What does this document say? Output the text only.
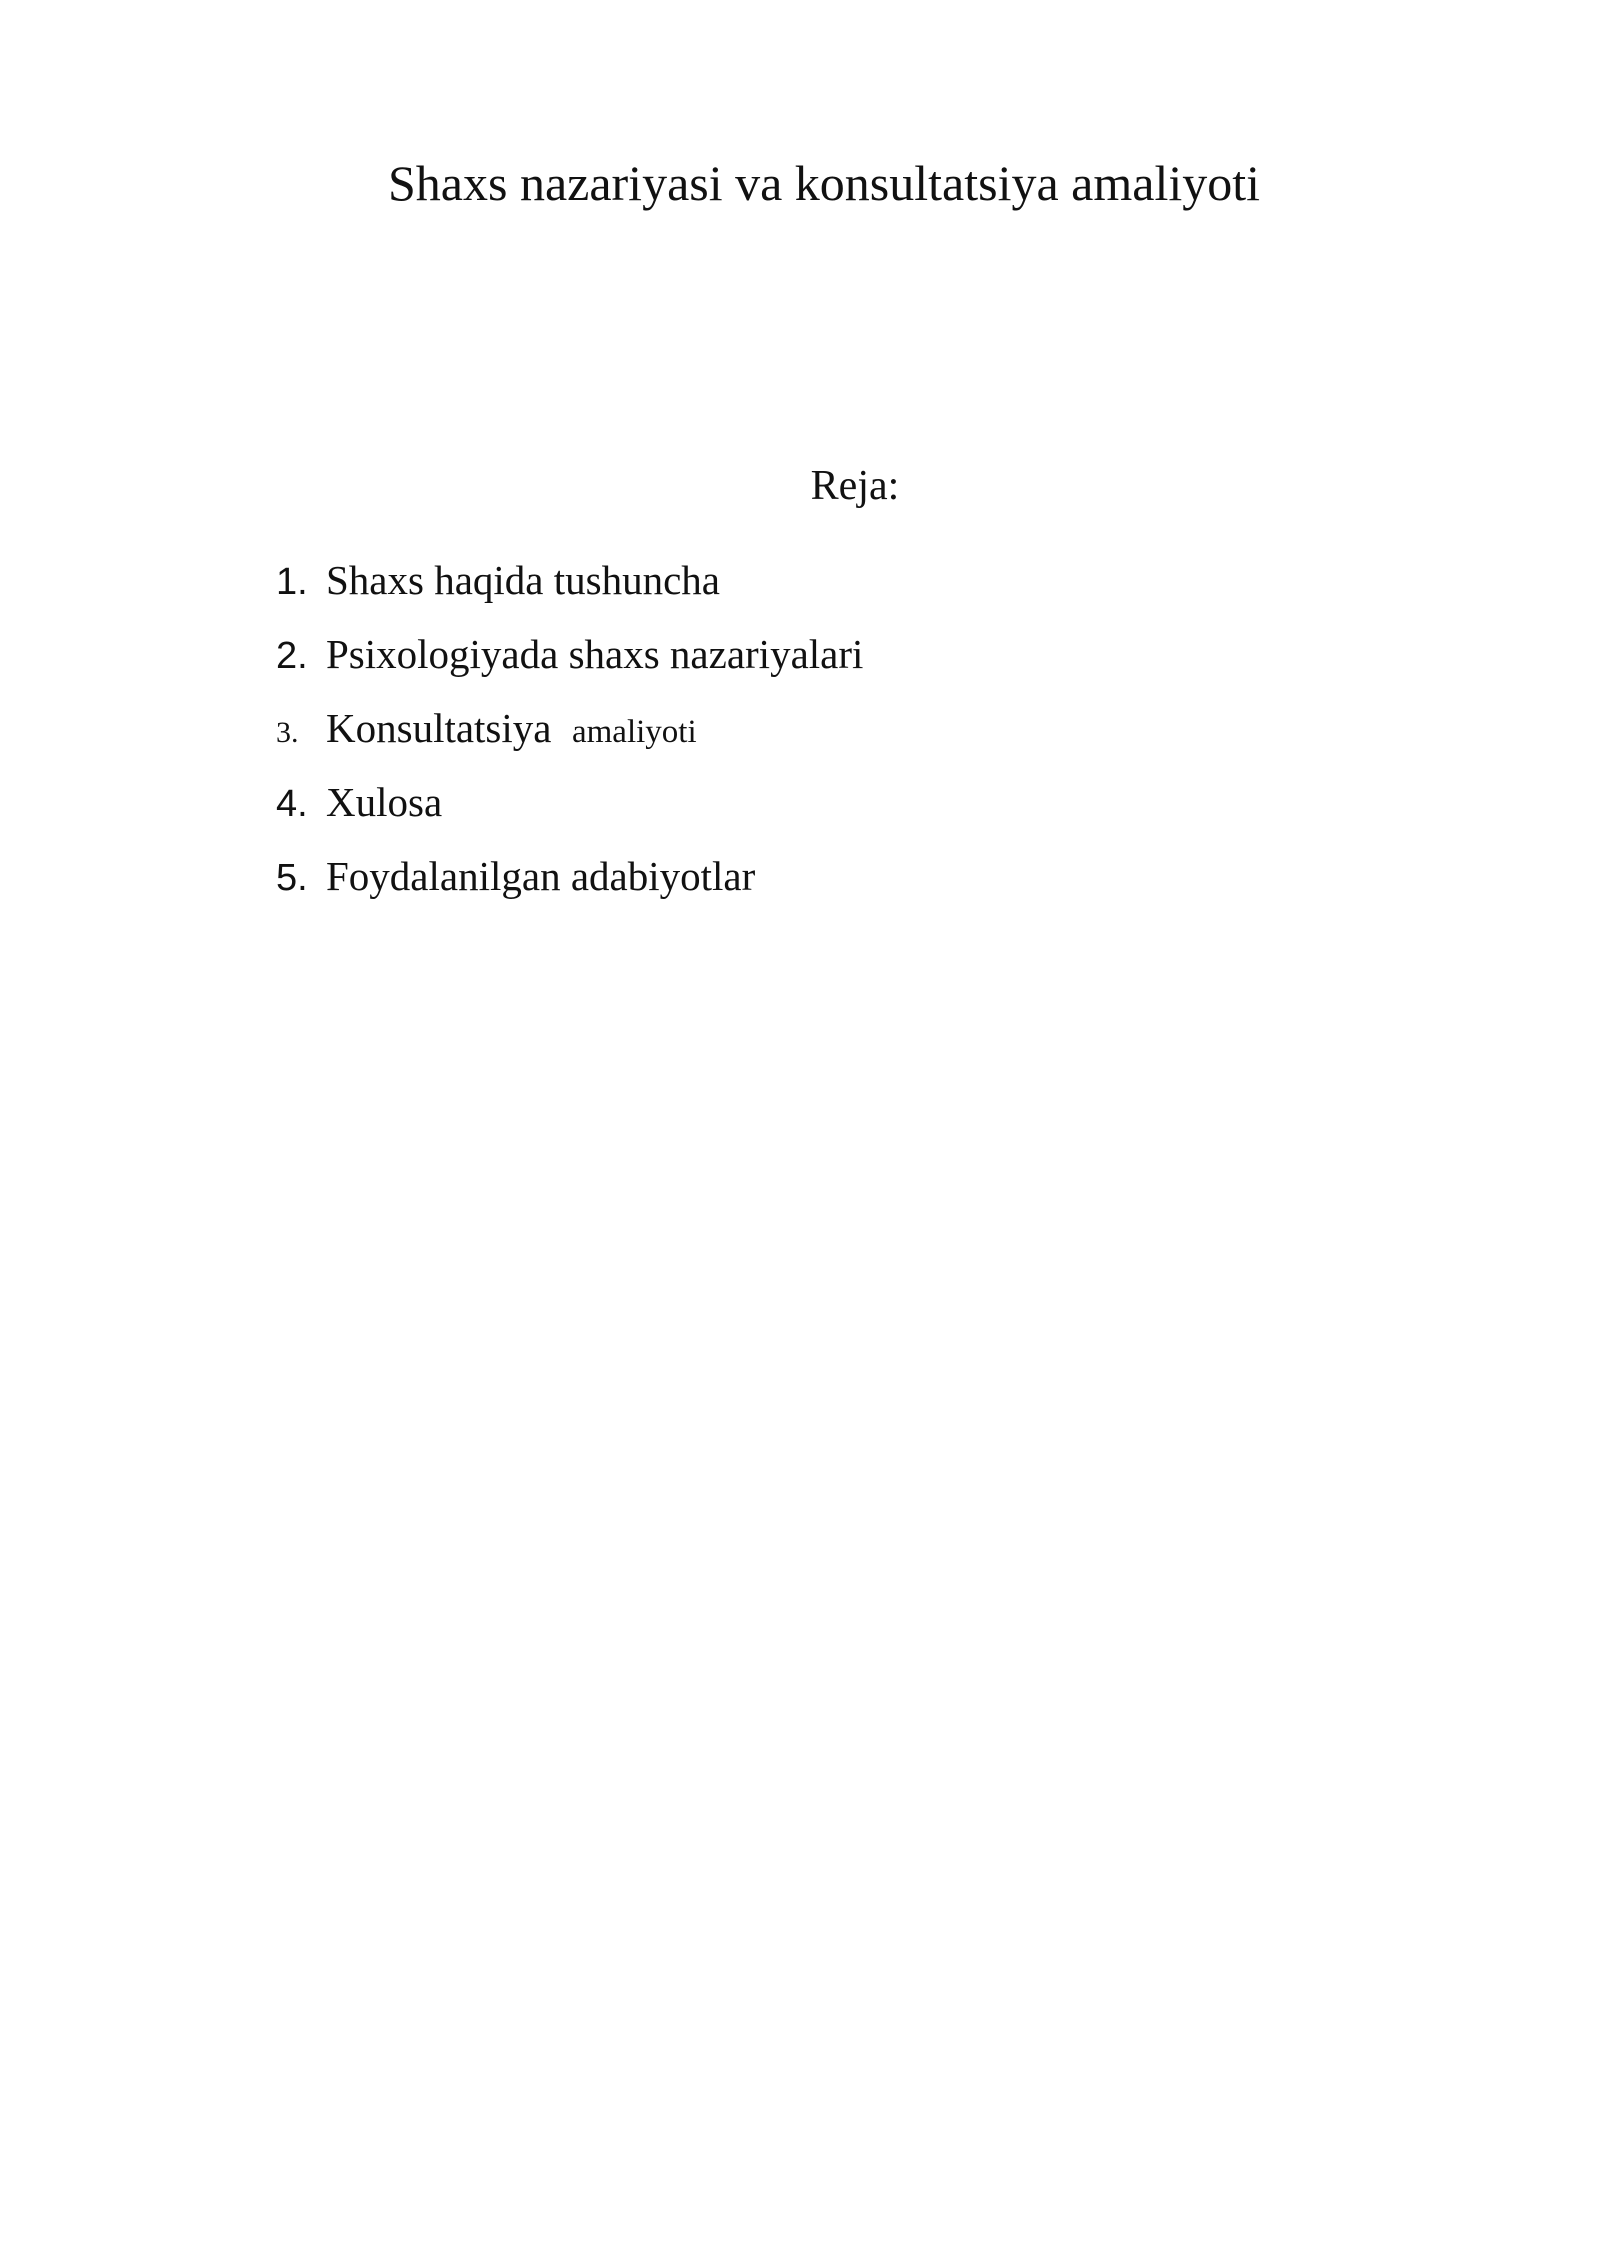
Shaxs nazariyasi va konsultatsiya amaliyoti
Reja:
1. Shaxs haqida tushuncha
2. Psixologiyada shaxs nazariyalari
3. Konsultatsiya amaliyoti
4. Xulosa
5. Foydalanilgan adabiyotlar
